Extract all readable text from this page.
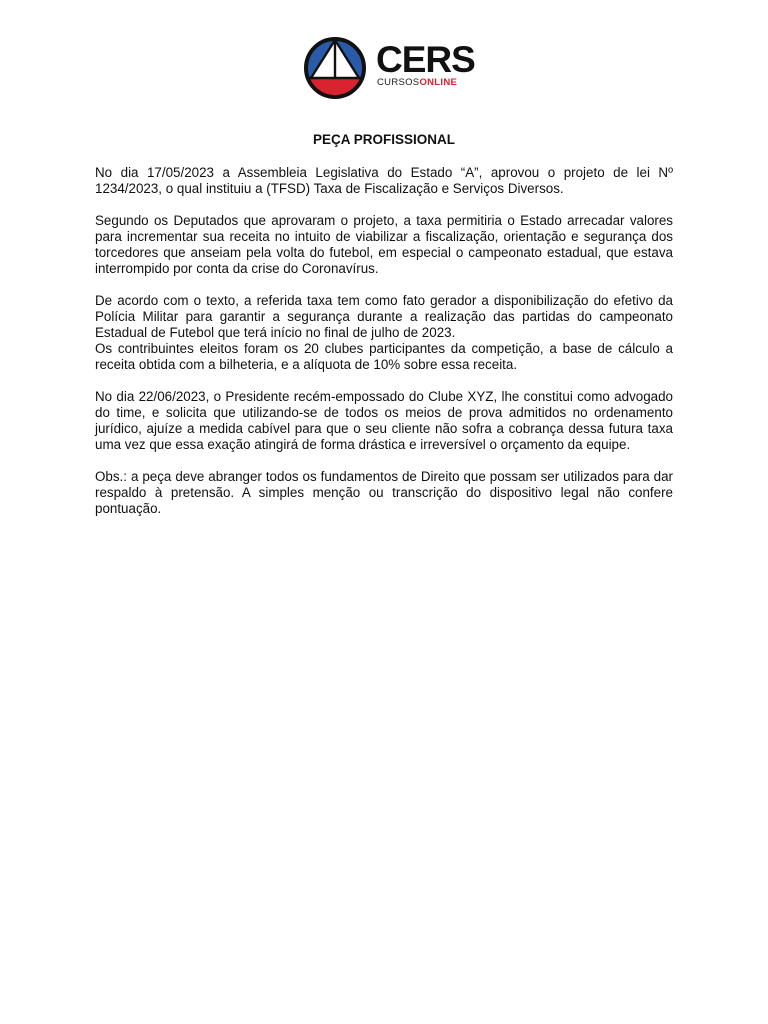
CERS
CURSOSONLINE
PEÇA PROFISSIONAL

No dia 17/05/2023 a Assembleia Legislativa do Estado “A”, aprovou o projeto de lei Nº 1234/2023, o qual instituiu a (TFSD) Taxa de Fiscalização e Serviços Diversos.

Segundo os Deputados que aprovaram o projeto, a taxa permitiria o Estado arrecadar valores para incrementar sua receita no intuito de viabilizar a fiscalização, orientação e segurança dos torcedores que anseiam pela volta do futebol, em especial o campeonato estadual, que estava interrompido por conta da crise do Coronavírus.

De acordo com o texto, a referida taxa tem como fato gerador a disponibilização do efetivo da Polícia Militar para garantir a segurança durante a realização das partidas do campeonato Estadual de Futebol que terá início no final de julho de 2023.

Os contribuintes eleitos foram os 20 clubes participantes da competição, a base de cálculo a receita obtida com a bilheteria, e a alíquota de 10% sobre essa receita.

No dia 22/06/2023, o Presidente recém-empossado do Clube XYZ, lhe constitui como advogado do time, e solicita que utilizando-se de todos os meios de prova admitidos no ordenamento jurídico, ajuíze a medida cabível para que o seu cliente não sofra a cobrança dessa futura taxa uma vez que essa exação atingirá de forma drástica e irreversível o orçamento da equipe.

Obs.: a peça deve abranger todos os fundamentos de Direito que possam ser utilizados para dar respaldo à pretensão. A simples menção ou transcrição do dispositivo legal não confere pontuação.
